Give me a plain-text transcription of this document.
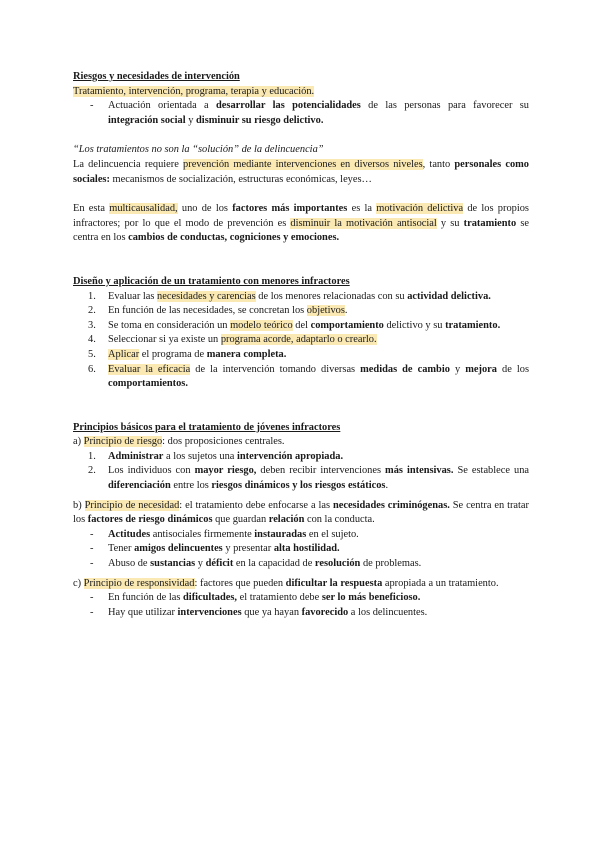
Riesgos y necesidades de intervención

Tratamiento, intervención, programa, terapia y educación.

- Actuación orientada a desarrollar las potencialidades de las personas para favorecer su integración social y disminuir su riesgo delictivo.

“Los tratamientos no son la “solución” de la delincuencia”

La delincuencia requiere prevención mediante intervenciones en diversos niveles, tanto personales como sociales: mecanismos de socialización, estructuras económicas, leyes…

En esta multicausalidad, uno de los factores más importantes es la motivación delictiva de los propios infractores; por lo que el modo de prevención es disminuir la motivación antisocial y su tratamiento se centra en los cambios de conductas, cogniciones y emociones.

Diseño y aplicación de un tratamiento con menores infractores

1. Evaluar las necesidades y carencias de los menores relacionadas con su actividad delictiva.
2. En función de las necesidades, se concretan los objetivos.
3. Se toma en consideración un modelo teórico del comportamiento delictivo y su tratamiento.
4. Seleccionar si ya existe un programa acorde, adaptarlo o crearlo.
5. Aplicar el programa de manera completa.
6. Evaluar la eficacia de la intervención tomando diversas medidas de cambio y mejora de los comportamientos.

Principios básicos para el tratamiento de jóvenes infractores

a) Principio de riesgo: dos proposiciones centrales.

1. Administrar a los sujetos una intervención apropiada.
2. Los individuos con mayor riesgo, deben recibir intervenciones más intensivas. Se establece una diferenciación entre los riesgos dinámicos y los riesgos estáticos.

b) Principio de necesidad: el tratamiento debe enfocarse a las necesidades criminógenas. Se centra en tratar los factores de riesgo dinámicos que guardan relación con la conducta.

- Actitudes antisociales firmemente instauradas en el sujeto.
- Tener amigos delincuentes y presentar alta hostilidad.
- Abuso de sustancias y déficit en la capacidad de resolución de problemas.

c) Principio de responsividad: factores que pueden dificultar la respuesta apropiada a un tratamiento.

- En función de las dificultades, el tratamiento debe ser lo más beneficioso.
- Hay que utilizar intervenciones que ya hayan favorecido a los delincuentes.
